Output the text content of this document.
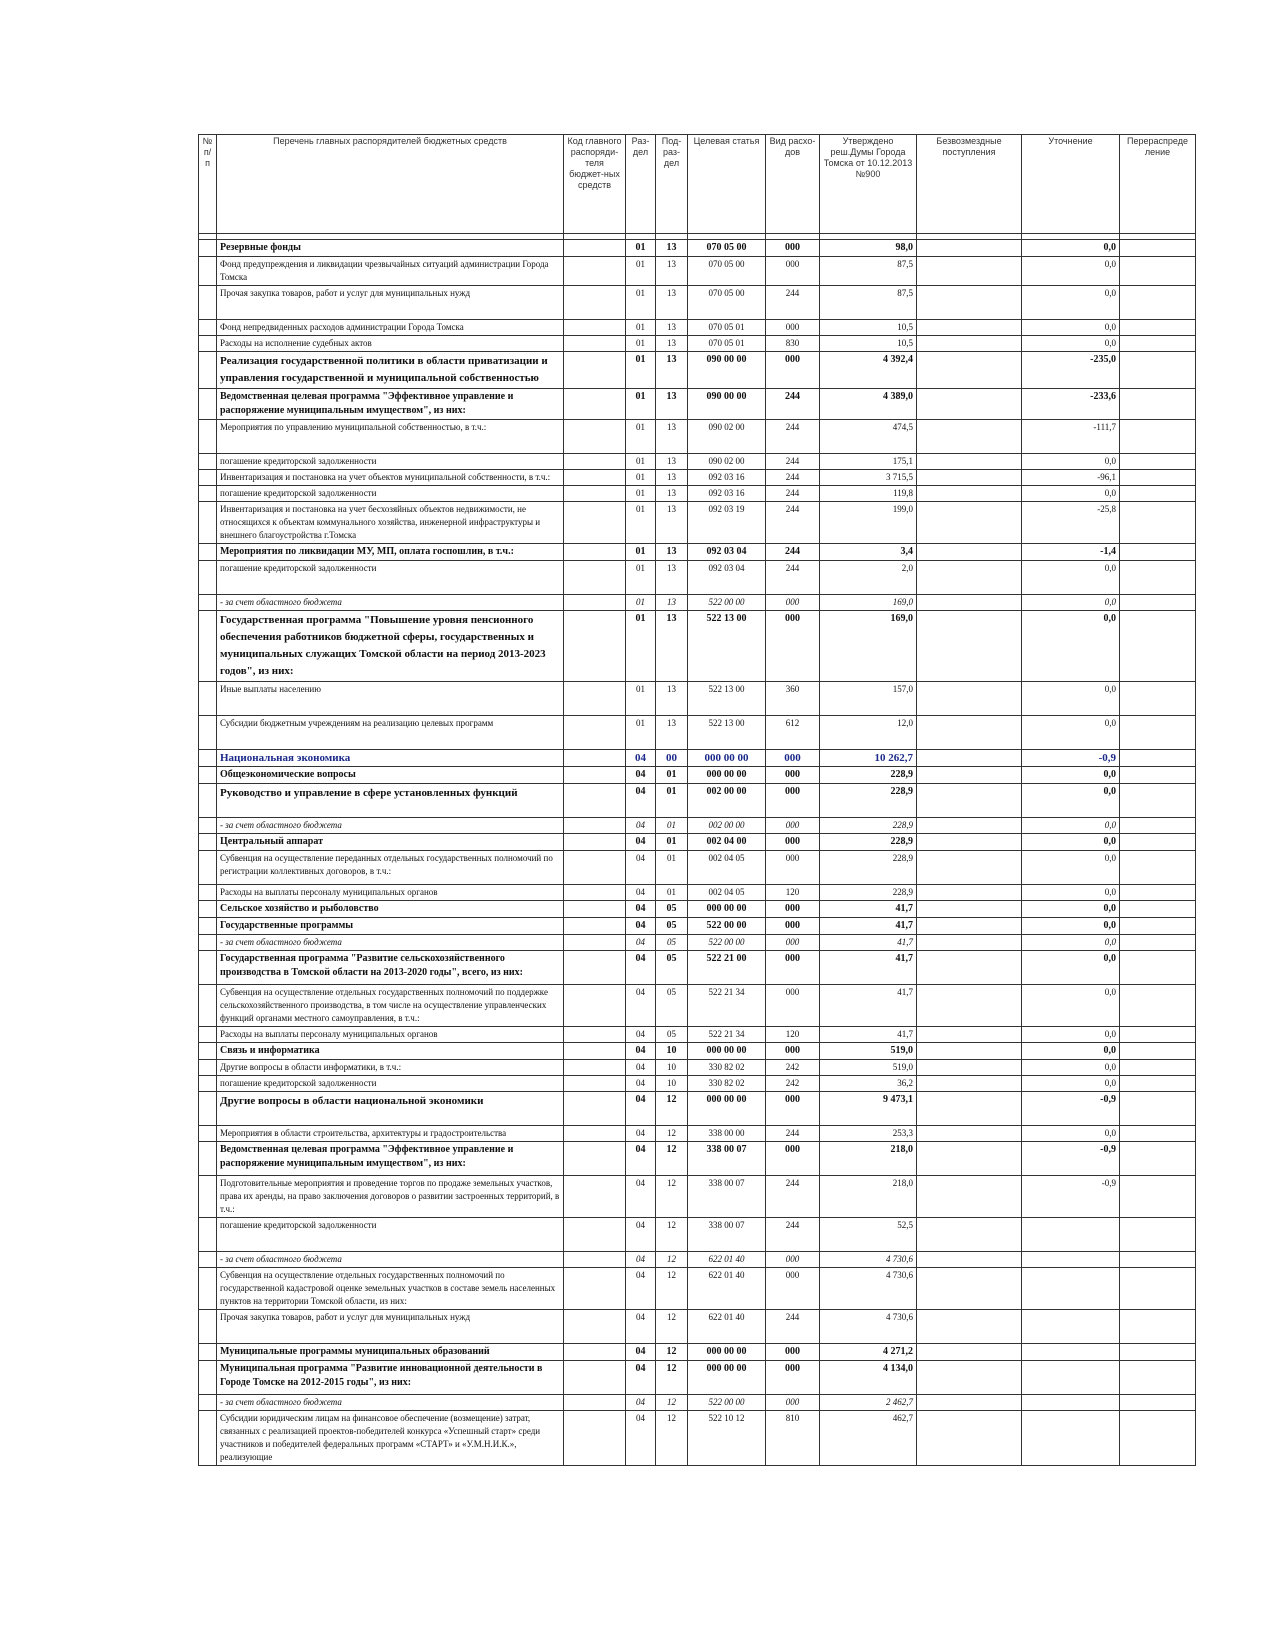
№ п/п	Перечень главных распорядителей бюджетных средств	Код главного распоряди-теля бюджет-ных средств	Раз-дел	Под-раз-дел	Целевая статья	Вид расхо-дов	Утверждено реш.Думы Города Томска от 10.12.2013 №900	Безвозмездные поступления	Уточнение	Перераспреде ление

	Резервные фонды		01	13	070 05 00	000	98,0		0,0	
	Фонд предупреждения и ликвидации чрезвычайных ситуаций администрации Города Томска		01	13	070 05 00	000	87,5		0,0	
	Прочая закупка товаров, работ и услуг для муниципальных нужд		01	13	070 05 00	244	87,5		0,0	
	Фонд непредвиденных расходов администрации Города Томска		01	13	070 05 01	000	10,5		0,0	
	Расходы на исполнение судебных актов		01	13	070 05 01	830	10,5		0,0	
	Реализация государственной политики в области приватизации и управления государственной и муниципальной собственностью		01	13	090 00 00	000	4 392,4		-235,0	
	Ведомственная целевая программа "Эффективное управление и распоряжение муниципальным имуществом", из них:		01	13	090 00 00	244	4 389,0		-233,6	
	Мероприятия по управлению муниципальной собственностью, в т.ч.:		01	13	090 02 00	244	474,5		-111,7	
	погашение кредиторской задолженности		01	13	090 02 00	244	175,1		0,0	
	Инвентаризация и постановка на учет объектов муниципальной собственности, в т.ч.:		01	13	092 03 16	244	3 715,5		-96,1	
	погашение кредиторской задолженности		01	13	092 03 16	244	119,8		0,0	
	Инвентаризация и постановка на учет бесхозяйных объектов недвижимости, не относящихся к объектам коммунального хозяйства, инженерной инфраструктуры и внешнего благоустройства г.Томска		01	13	092 03 19	244	199,0		-25,8	
	Мероприятия по ликвидации МУ, МП, оплата госпошлин, в т.ч.:		01	13	092 03 04	244	3,4		-1,4	
	погашение кредиторской задолженности		01	13	092 03 04	244	2,0		0,0	
	- за счет областного бюджета		01	13	522 00 00	000	169,0		0,0	
	Государственная программа "Повышение уровня пенсионного обеспечения работников бюджетной сферы, государственных и муниципальных служащих Томской области на период 2013-2023 годов", из них:		01	13	522 13 00	000	169,0		0,0	
	Иные выплаты населению		01	13	522 13 00	360	157,0		0,0	
	Субсидии бюджетным учреждениям на реализацию целевых программ		01	13	522 13 00	612	12,0		0,0	
	Национальная экономика		04	00	000 00 00	000	10 262,7		-0,9	
	Общеэкономические вопросы		04	01	000 00 00	000	228,9		0,0	
	Руководство и управление в сфере установленных функций		04	01	002 00 00	000	228,9		0,0	
	- за счет областного бюджета		04	01	002 00 00	000	228,9		0,0	
	Центральный аппарат		04	01	002 04 00	000	228,9		0,0	
	Субвенция на осуществление переданных отдельных государственных полномочий по регистрации коллективных договоров, в т.ч.:		04	01	002 04 05	000	228,9		0,0	
	Расходы на выплаты персоналу муниципальных органов		04	01	002 04 05	120	228,9		0,0	
	Сельское хозяйство и рыболовство		04	05	000 00 00	000	41,7		0,0	
	Государственные программы		04	05	522 00 00	000	41,7		0,0	
	- за счет областного бюджета		04	05	522 00 00	000	41,7		0,0	
	Государственная программа "Развитие сельскохозяйственного производства в Томской области на 2013-2020 годы", всего, из них:		04	05	522 21 00	000	41,7		0,0	
	Субвенция на осуществление отдельных государственных полномочий по поддержке сельскохозяйственного производства, в том числе на осуществление управленческих функций органами местного самоуправления, в т.ч.:		04	05	522 21 34	000	41,7		0,0	
	Расходы на выплаты персоналу муниципальных органов		04	05	522 21 34	120	41,7		0,0	
	Связь и информатика		04	10	000 00 00	000	519,0		0,0	
	Другие вопросы в области информатики, в т.ч.:		04	10	330 82 02	242	519,0		0,0	
	погашение кредиторской задолженности		04	10	330 82 02	242	36,2		0,0	
	Другие вопросы в области национальной экономики		04	12	000 00 00	000	9 473,1		-0,9	
	Мероприятия в области строительства, архитектуры и градостроительства		04	12	338 00 00	244	253,3		0,0	
	Ведомственная целевая программа "Эффективное управление и распоряжение муниципальным имуществом", из них:		04	12	338 00 07	000	218,0		-0,9	
	Подготовительные мероприятия и проведение торгов по продаже земельных участков, права их аренды, на право заключения договоров о развитии застроенных территорий, в т.ч.:		04	12	338 00 07	244	218,0		-0,9	
	погашение кредиторской задолженности		04	12	338 00 07	244	52,5			
	- за счет областного бюджета		04	12	622 01 40	000	4 730,6			
	Субвенция на осуществление отдельных государственных полномочий по государственной кадастровой оценке земельных участков в составе земель населенных пунктов на территории Томской области, из них:		04	12	622 01 40	000	4 730,6			
	Прочая закупка товаров, работ и услуг для муниципальных нужд		04	12	622 01 40	244	4 730,6			
	Муниципальные программы муниципальных образований		04	12	000 00 00	000	4 271,2			
	Муниципальная программа "Развитие инновационной деятельности в Городе Томске на 2012-2015 годы", из них:		04	12	000 00 00	000	4 134,0			
	- за счет областного бюджета		04	12	522 00 00	000	2 462,7			
	Субсидии юридическим лицам на финансовое обеспечение (возмещение) затрат, связанных с реализацией проектов-победителей конкурса «Успешный старт» среди участников и победителей федеральных программ «СТАРТ» и «У.М.Н.И.К.», реализующие		04	12	522 10 12	810	462,7			
